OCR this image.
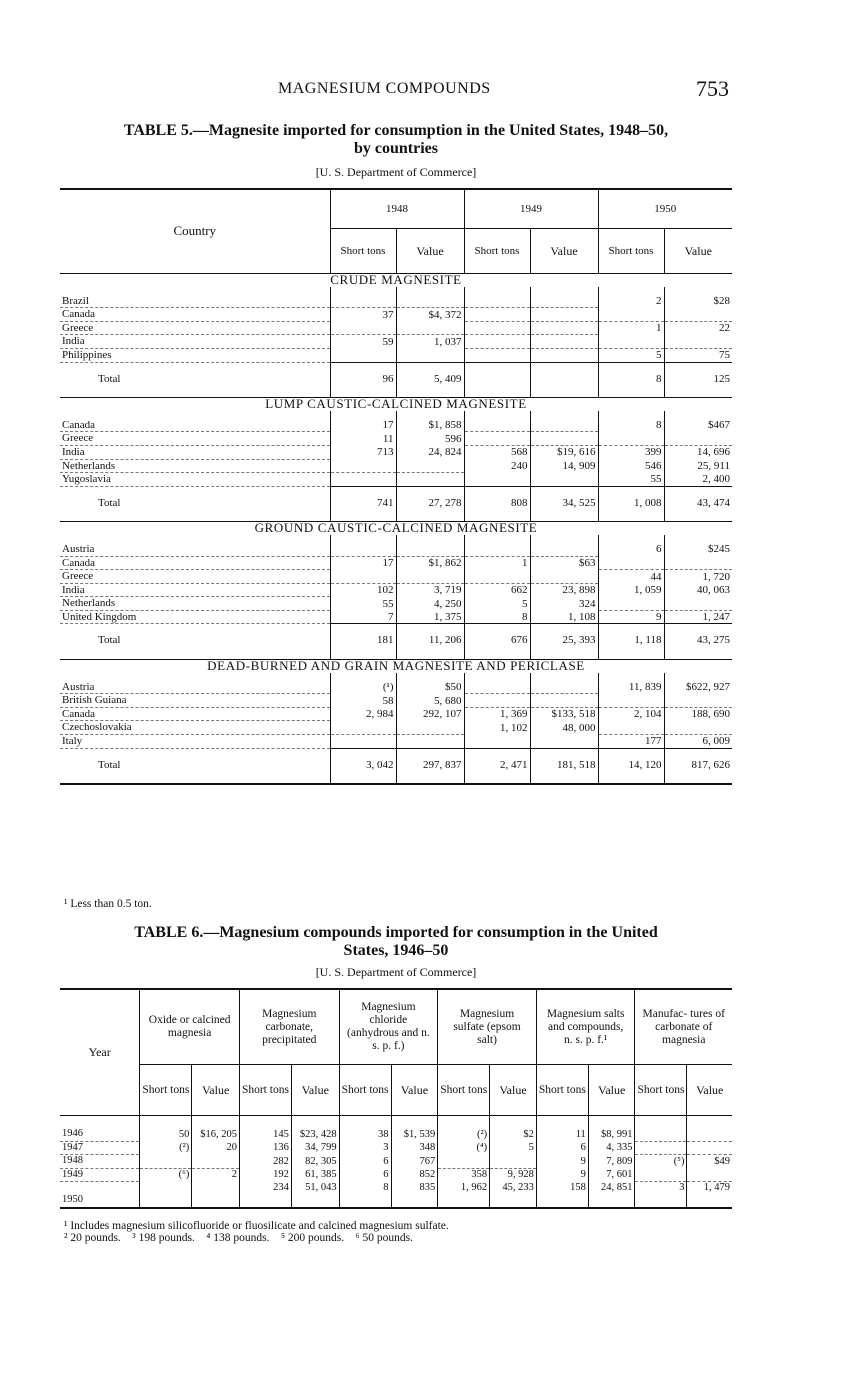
MAGNESIUM COMPOUNDS	753
TABLE 5.—Magnesite imported for consumption in the United States, 1948–50,
by countries
[U. S. Department of Commerce]
Country	1948		1949		1950	
	Short tons	Value	Short tons	Value	Short tons	Value
CRUDE MAGNESITE						
Brazil					2	$28
Canada	37	$4, 372				
Greece					1	22
India	59	1, 037				
Philippines					5	75
Total	96	5, 409			8	125
LUMP CAUSTIC-CALCINED MAGNESITE						
Canada	17	$1, 858			8	$467
Greece	11	596				
India	713	24, 824	568	$19, 616	399	14, 696
Netherlands			240	14, 909	546	25, 911
Yugoslavia					55	2, 400
Total	741	27, 278	808	34, 525	1, 008	43, 474
GROUND CAUSTIC-CALCINED MAGNESITE						
Austria					6	$245
Canada	17	$1, 862	1	$63		
Greece					44	1, 720
India	102	3, 719	662	23, 898	1, 059	40, 063
Netherlands	55	4, 250	5	324		
United Kingdom	7	1, 375	8	1, 108	9	1, 247
Total	181	11, 206	676	25, 393	1, 118	43, 275
DEAD-BURNED AND GRAIN MAGNESITE AND PERICLASE						
Austria	(¹)	$50			11, 839	$622, 927
British Guiana	58	5, 680				
Canada	2, 984	292, 107	1, 369	$133, 518	2, 104	188, 690
Czechoslovakia			1, 102	48, 000		
Italy					177	6, 009
Total	3, 042	297, 837	2, 471	181, 518	14, 120	817, 626
¹ Less than 0.5 ton.
TABLE 6.—Magnesium compounds imported for consumption in the United
States, 1946–50
[U. S. Department of Commerce]
Year	Oxide or calcined magnesia		Magnesium carbonate, precipitated		Magnesium chloride (anhydrous and n. s. p. f.)		Magnesium sulfate (epsom salt)		Magnesium salts and compounds, n. s. p. f.¹		Manufac- tures of carbonate of magnesia	
	Short tons	Value	Short tons	Value	Short tons	Value	Short tons	Value	Short tons	Value	Short tons	Value
1946	50	$16, 205	145	$23, 428	38	$1, 539	(²)	$2	11	$8, 991		
1947	(²)	20	136	34, 799	3	348	(⁴)	5	6	4, 335		
1948			282	82, 305	6	767			9	7, 809	(⁵)	$49
1949	(⁶)	2	192	61, 385	6	852	358	9, 928	9	7, 601		
1950			234	51, 043	8	835	1, 962	45, 233	158	24, 851	3	1, 479
¹ Includes magnesium silicofluoride or fluosilicate and calcined magnesium sulfate.
² 20 pounds.    ³ 198 pounds.    ⁴ 138 pounds.    ⁵ 200 pounds.    ⁶ 50 pounds.
